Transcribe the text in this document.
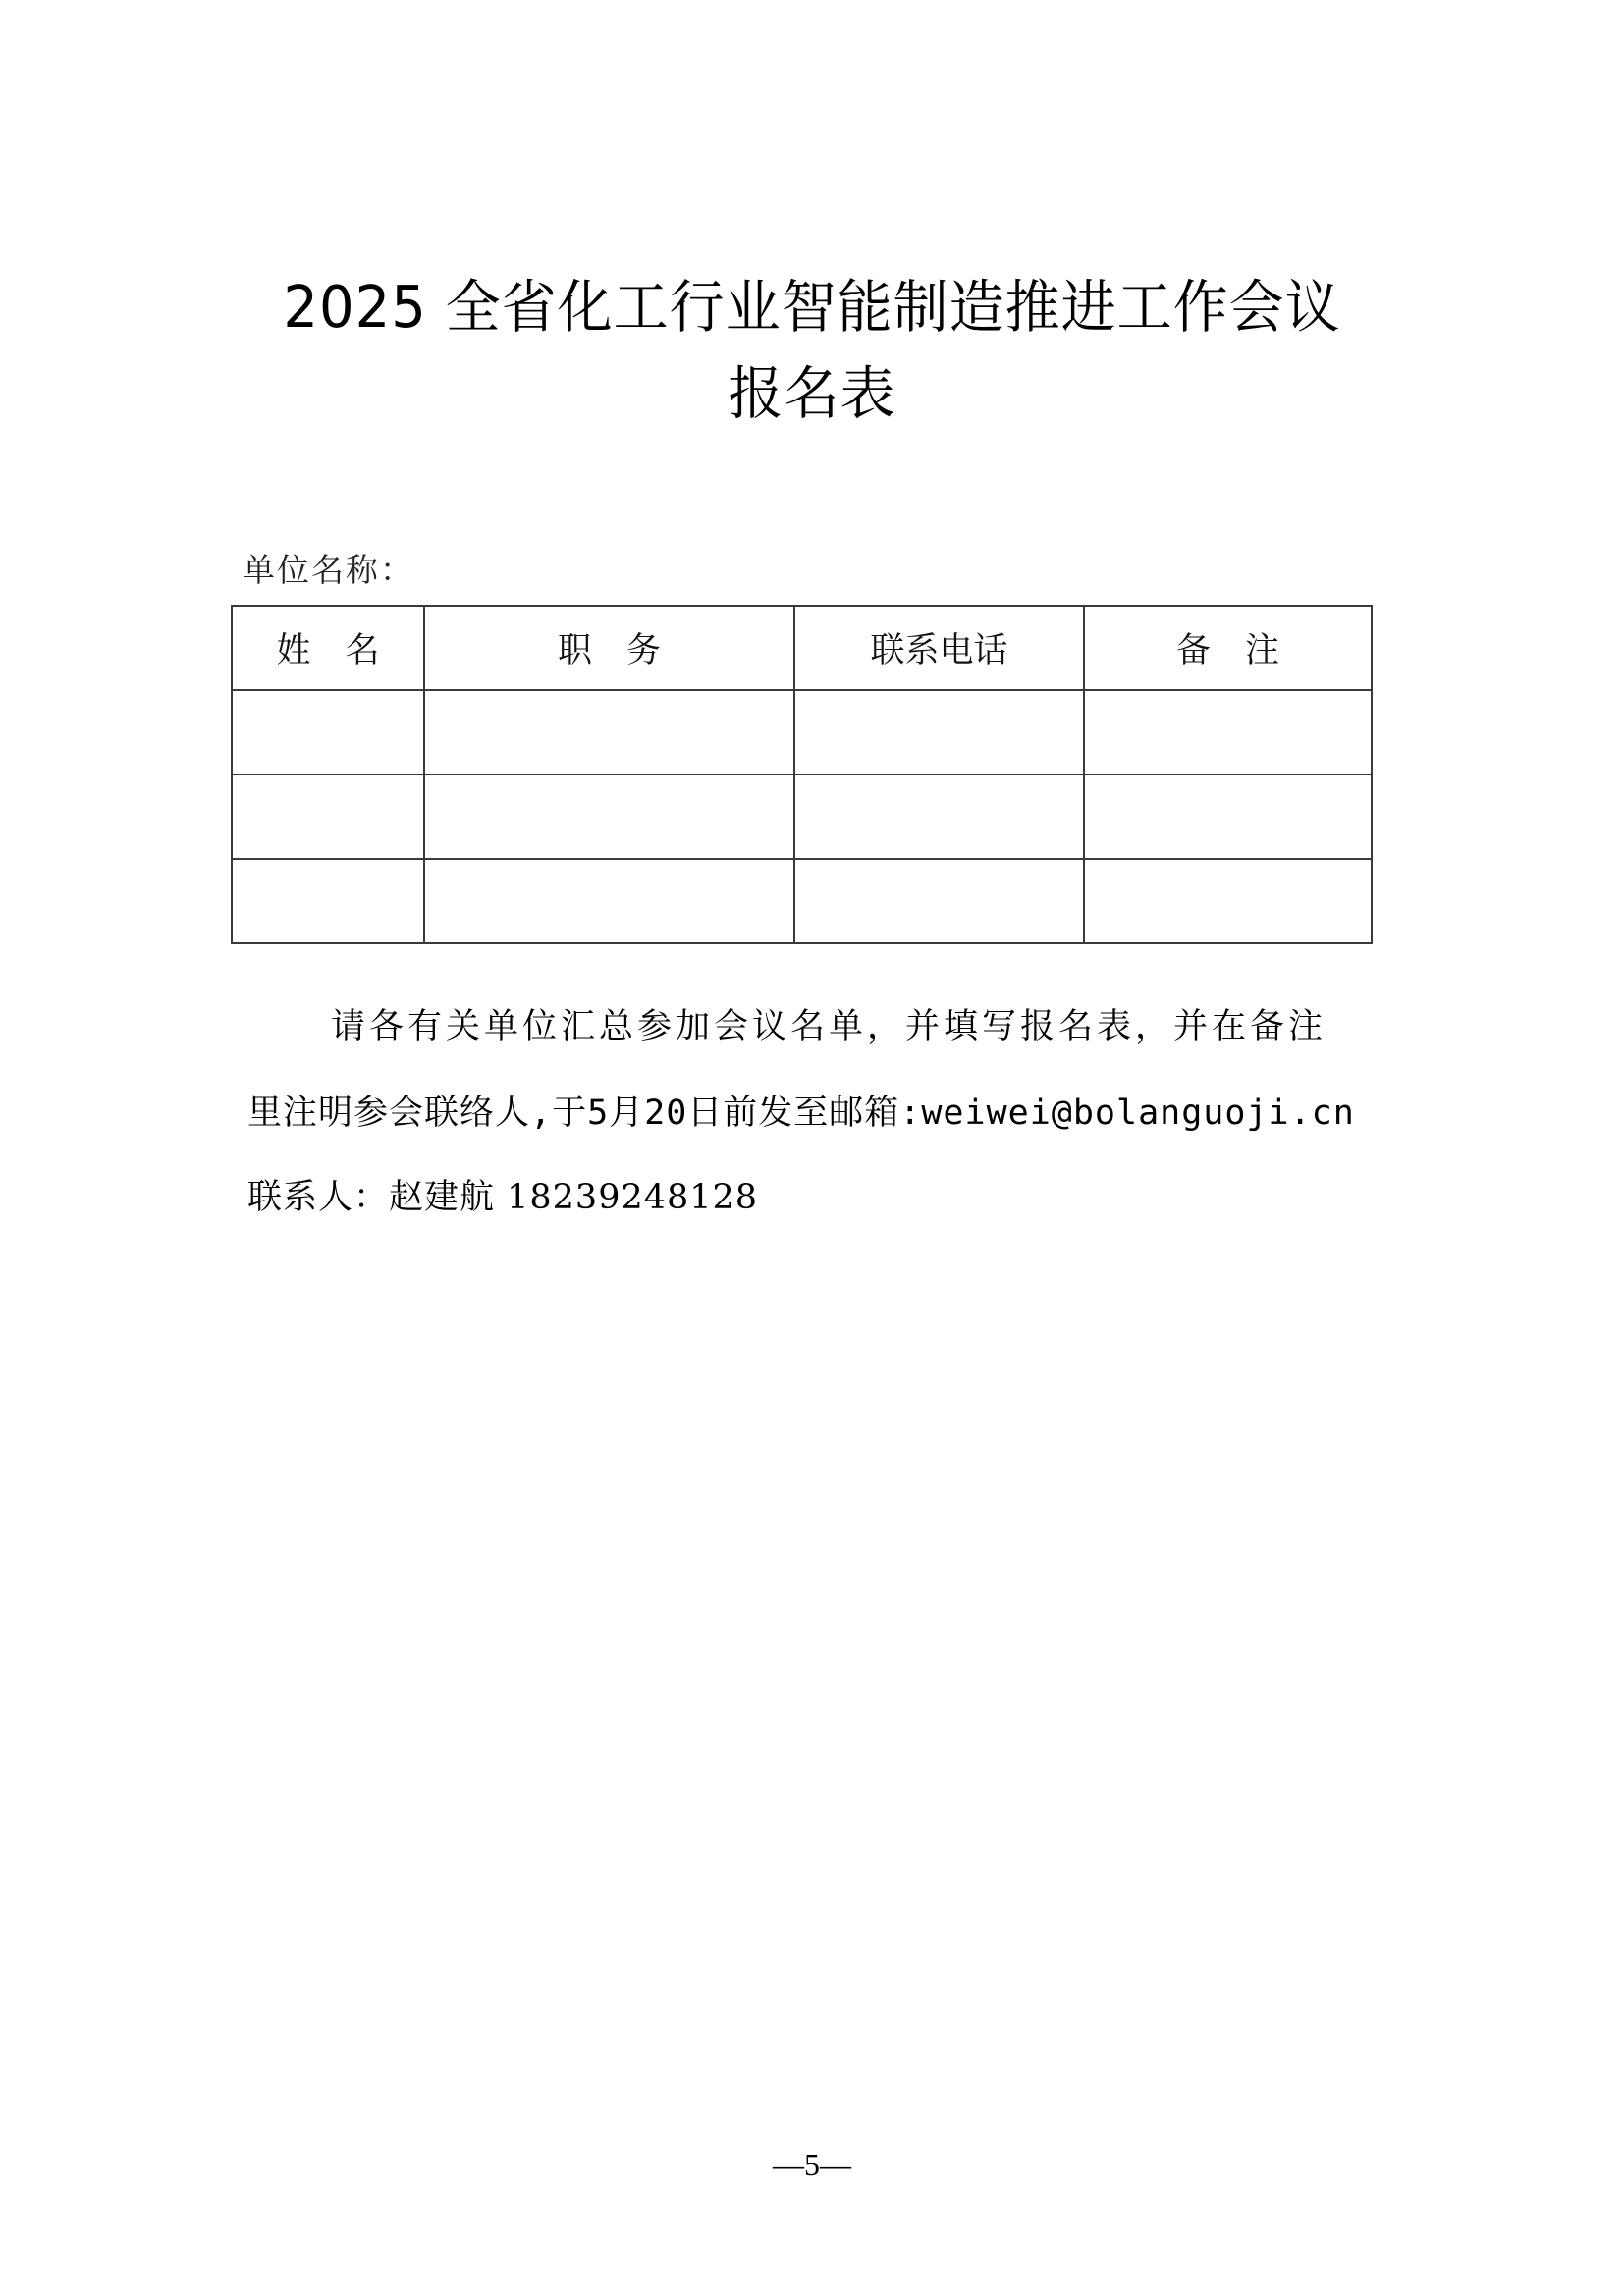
2025 全省化工行业智能制造推进工作会议
报名表
单位名称：
姓　名	职　务	联系电话	备　注

请各有关单位汇总参加会议名单，并填写报名表，并在备注
里注明参会联络人,于5月20日前发至邮箱:weiwei@bolanguoji.cn
联系人：赵建航 18239248128
—5—
